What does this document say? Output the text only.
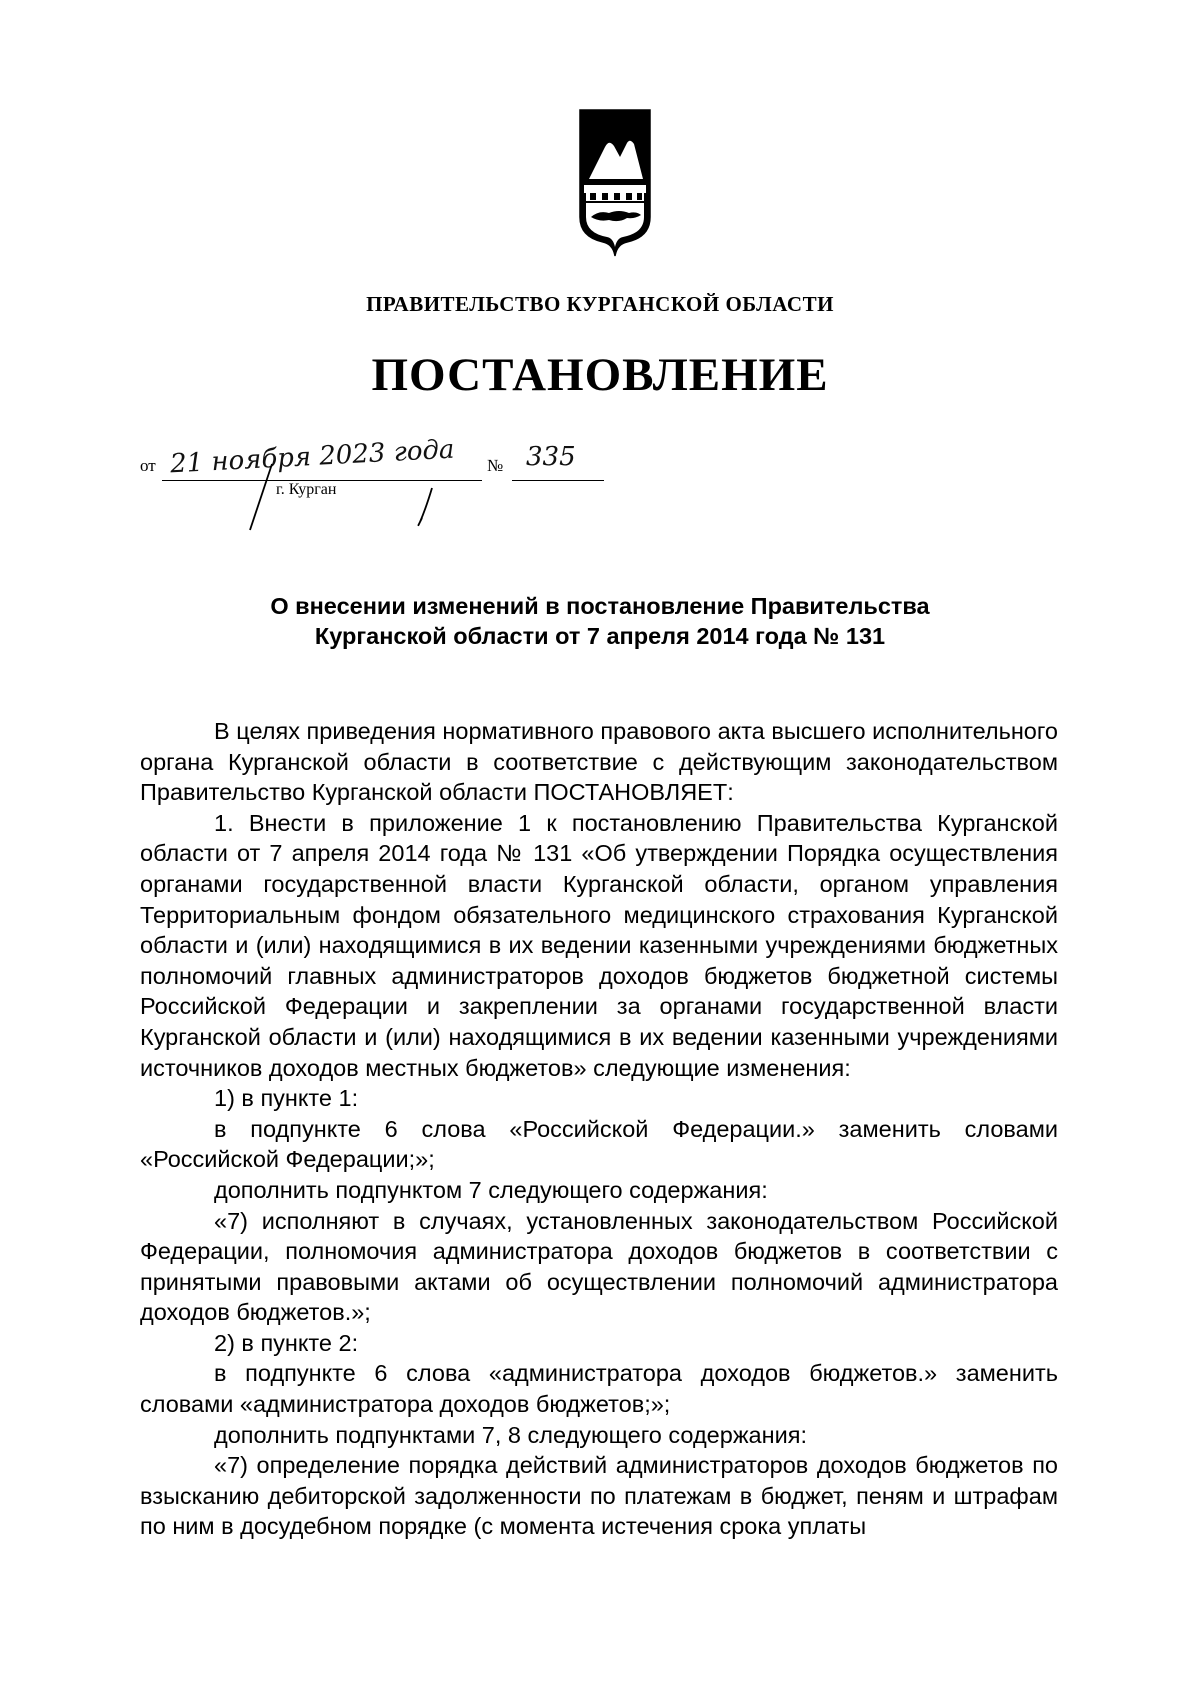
ПРАВИТЕЛЬСТВО КУРГАНСКОЙ ОБЛАСТИ
ПОСТАНОВЛЕНИЕ
от 21 ноября 2023 года № 335
г. Курган
О внесении изменений в постановление Правительства
Курганской области от 7 апреля 2014 года № 131

В целях приведения нормативного правового акта высшего исполнительного органа Курганской области в соответствие с действующим законодательством Правительство Курганской области ПОСТАНОВЛЯЕТ:

1. Внести в приложение 1 к постановлению Правительства Курганской области от 7 апреля 2014 года № 131 «Об утверждении Порядка осуществления органами государственной власти Курганской области, органом управления Территориальным фондом обязательного медицинского страхования Курганской области и (или) находящимися в их ведении казенными учреждениями бюджетных полномочий главных администраторов доходов бюджетов бюджетной системы Российской Федерации и закреплении за органами государственной власти Курганской области и (или) находящимися в их ведении казенными учреждениями источников доходов местных бюджетов» следующие изменения:

1) в пункте 1:

в подпункте 6 слова «Российской Федерации.» заменить словами «Российской Федерации;»;

дополнить подпунктом 7 следующего содержания:

«7) исполняют в случаях, установленных законодательством Российской Федерации, полномочия администратора доходов бюджетов в соответствии с принятыми правовыми актами об осуществлении полномочий администратора доходов бюджетов.»;

2) в пункте 2:

в подпункте 6 слова «администратора доходов бюджетов.» заменить словами «администратора доходов бюджетов;»;

дополнить подпунктами 7, 8 следующего содержания:

«7) определение порядка действий администраторов доходов бюджетов по взысканию дебиторской задолженности по платежам в бюджет, пеням и штрафам по ним в досудебном порядке (с момента истечения срока уплаты
